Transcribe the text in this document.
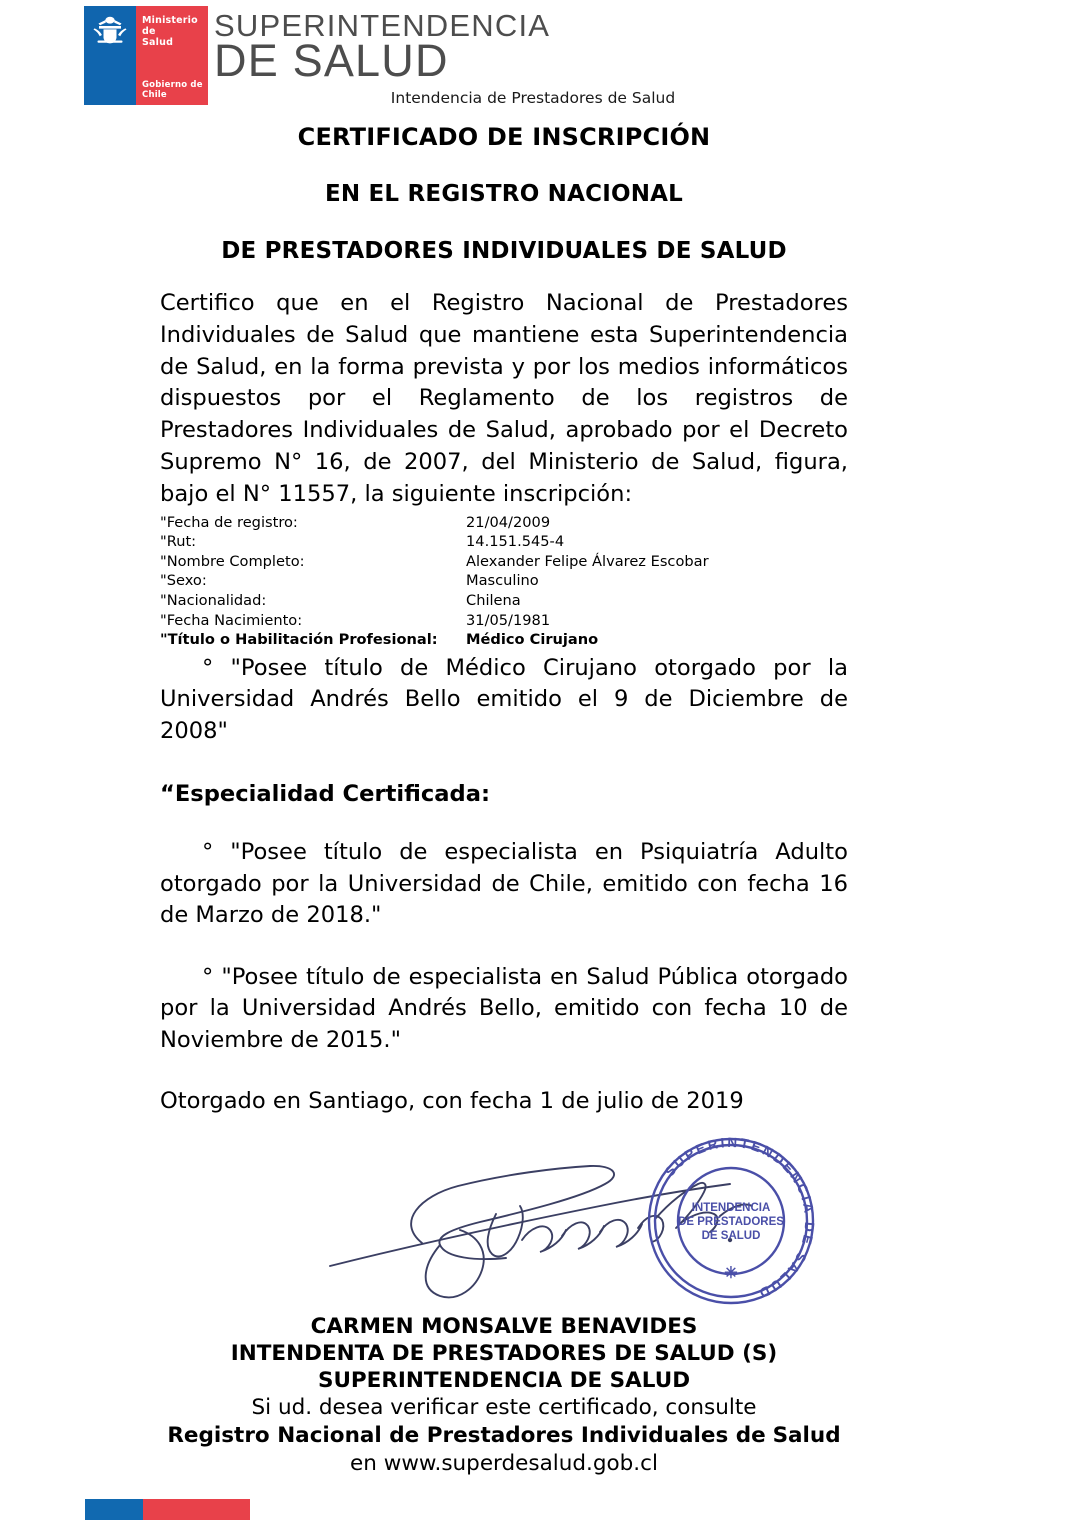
Ministerio de
Salud
Gobierno de Chile
SUPERINTENDENCIA
DE SALUD
Intendencia de Prestadores de Salud
CERTIFICADO DE INSCRIPCIÓN
EN EL REGISTRO NACIONAL
DE PRESTADORES INDIVIDUALES DE SALUD
Certifico que en el Registro Nacional de Prestadores Individuales de Salud que mantiene esta Superintendencia de Salud, en la forma prevista y por los medios informáticos dispuestos por el Reglamento de los registros de Prestadores Individuales de Salud, aprobado por el Decreto Supremo N° 16, de 2007, del Ministerio de Salud, figura, bajo el N° 11557, la siguiente inscripción:
"Fecha de registro:	21/04/2009
"Rut:	14.151.545-4
"Nombre Completo:	Alexander Felipe Álvarez Escobar
"Sexo:	Masculino
"Nacionalidad:	Chilena
"Fecha Nacimiento:	31/05/1981
"Título o Habilitación Profesional:	Médico Cirujano
° "Posee título de Médico Cirujano otorgado por la Universidad Andrés Bello emitido el 9 de Diciembre de 2008"
“Especialidad Certificada:
° "Posee título de especialista en Psiquiatría Adulto otorgado por la Universidad de Chile, emitido con fecha 16 de Marzo de 2018."
° "Posee título de especialista en Salud Pública otorgado por la Universidad Andrés Bello, emitido con fecha 10 de Noviembre de 2015."
Otorgado en Santiago, con fecha 1 de julio de 2019
SUPERINTENDENCIA DE SALUD
INTENDENCIA
DE PRESTADORES
DE SALUD
✳
CARMEN MONSALVE BENAVIDES
INTENDENTA DE PRESTADORES DE SALUD (S)
SUPERINTENDENCIA DE SALUD
Si ud. desea verificar este certificado, consulte
Registro Nacional de Prestadores Individuales de Salud en www.superdesalud.gob.cl
